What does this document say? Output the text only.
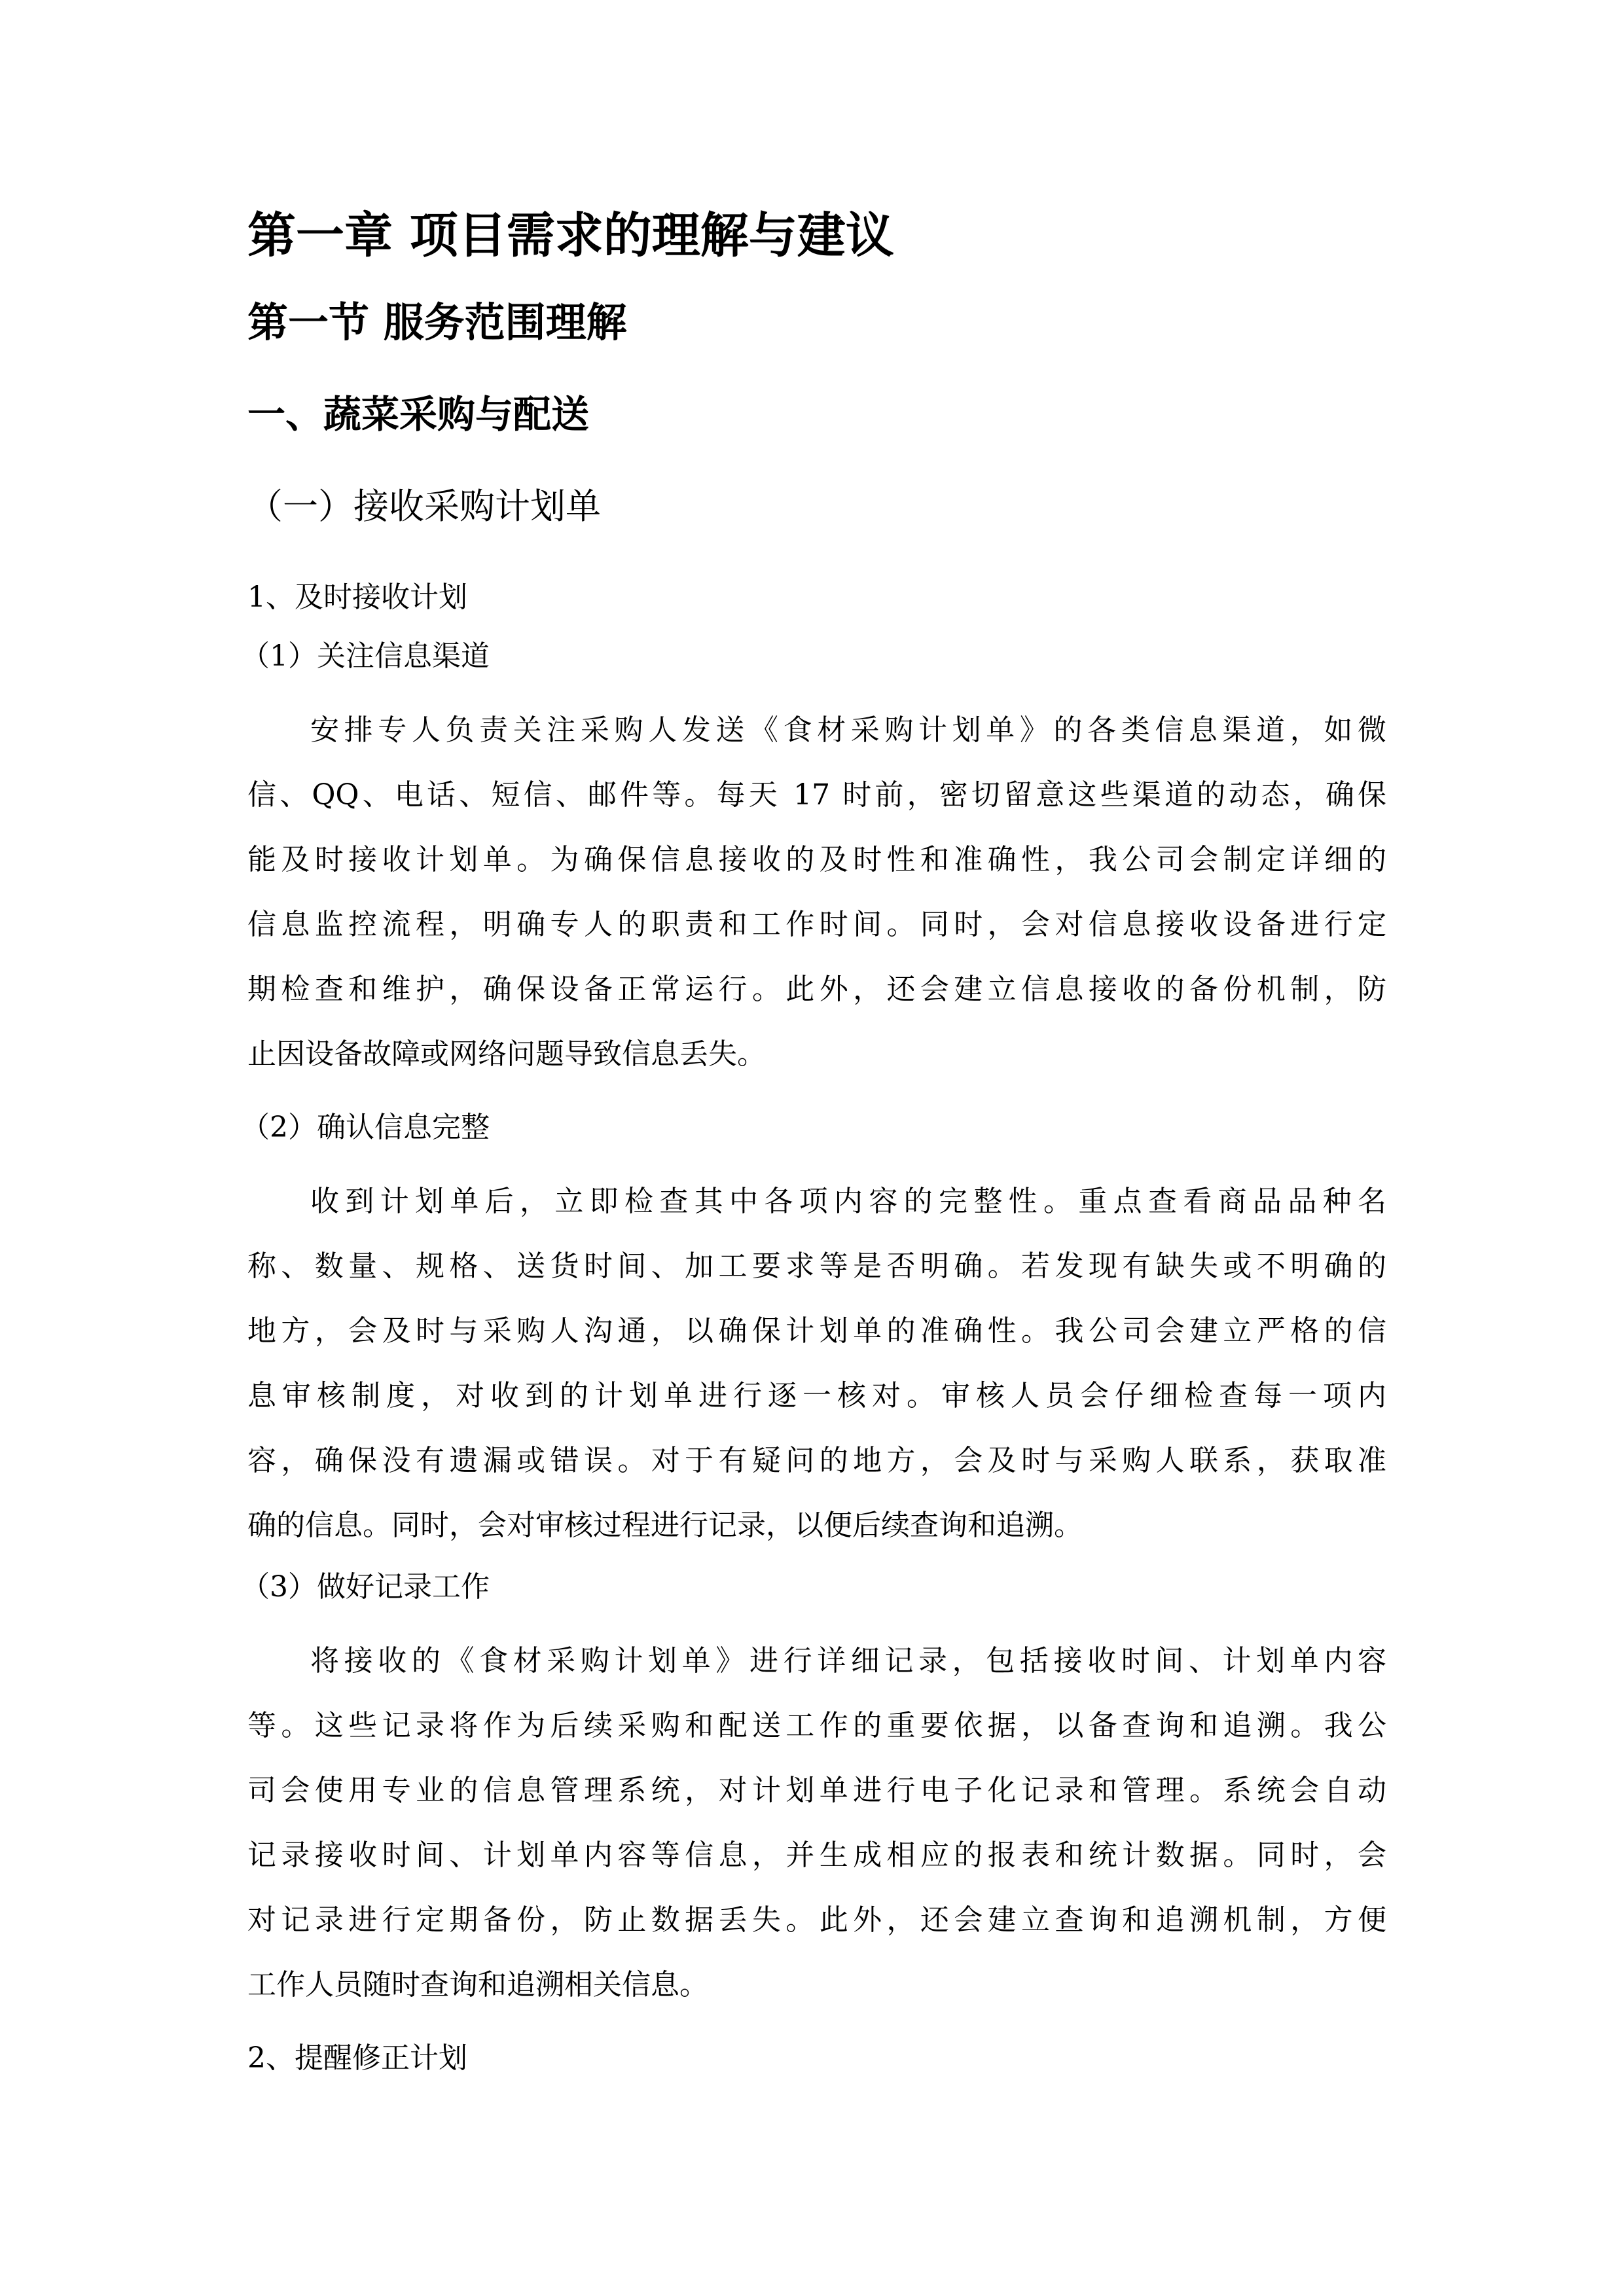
第一章 项目需求的理解与建议
第一节 服务范围理解
一、蔬菜采购与配送
（一）接收采购计划单
1、及时接收计划
（1）关注信息渠道
安排专人负责关注采购人发送《食材采购计划单》的各类信息渠道，如微
信、QQ、电话、短信、邮件等。每天 17 时前，密切留意这些渠道的动态，确保
能及时接收计划单。为确保信息接收的及时性和准确性，我公司会制定详细的
信息监控流程，明确专人的职责和工作时间。同时，会对信息接收设备进行定
期检查和维护，确保设备正常运行。此外，还会建立信息接收的备份机制，防
止因设备故障或网络问题导致信息丢失。
（2）确认信息完整
收到计划单后，立即检查其中各项内容的完整性。重点查看商品品种名
称、数量、规格、送货时间、加工要求等是否明确。若发现有缺失或不明确的
地方，会及时与采购人沟通，以确保计划单的准确性。我公司会建立严格的信
息审核制度，对收到的计划单进行逐一核对。审核人员会仔细检查每一项内
容，确保没有遗漏或错误。对于有疑问的地方，会及时与采购人联系，获取准
确的信息。同时，会对审核过程进行记录，以便后续查询和追溯。
（3）做好记录工作
将接收的《食材采购计划单》进行详细记录，包括接收时间、计划单内容
等。这些记录将作为后续采购和配送工作的重要依据，以备查询和追溯。我公
司会使用专业的信息管理系统，对计划单进行电子化记录和管理。系统会自动
记录接收时间、计划单内容等信息，并生成相应的报表和统计数据。同时，会
对记录进行定期备份，防止数据丢失。此外，还会建立查询和追溯机制，方便
工作人员随时查询和追溯相关信息。
2、提醒修正计划
